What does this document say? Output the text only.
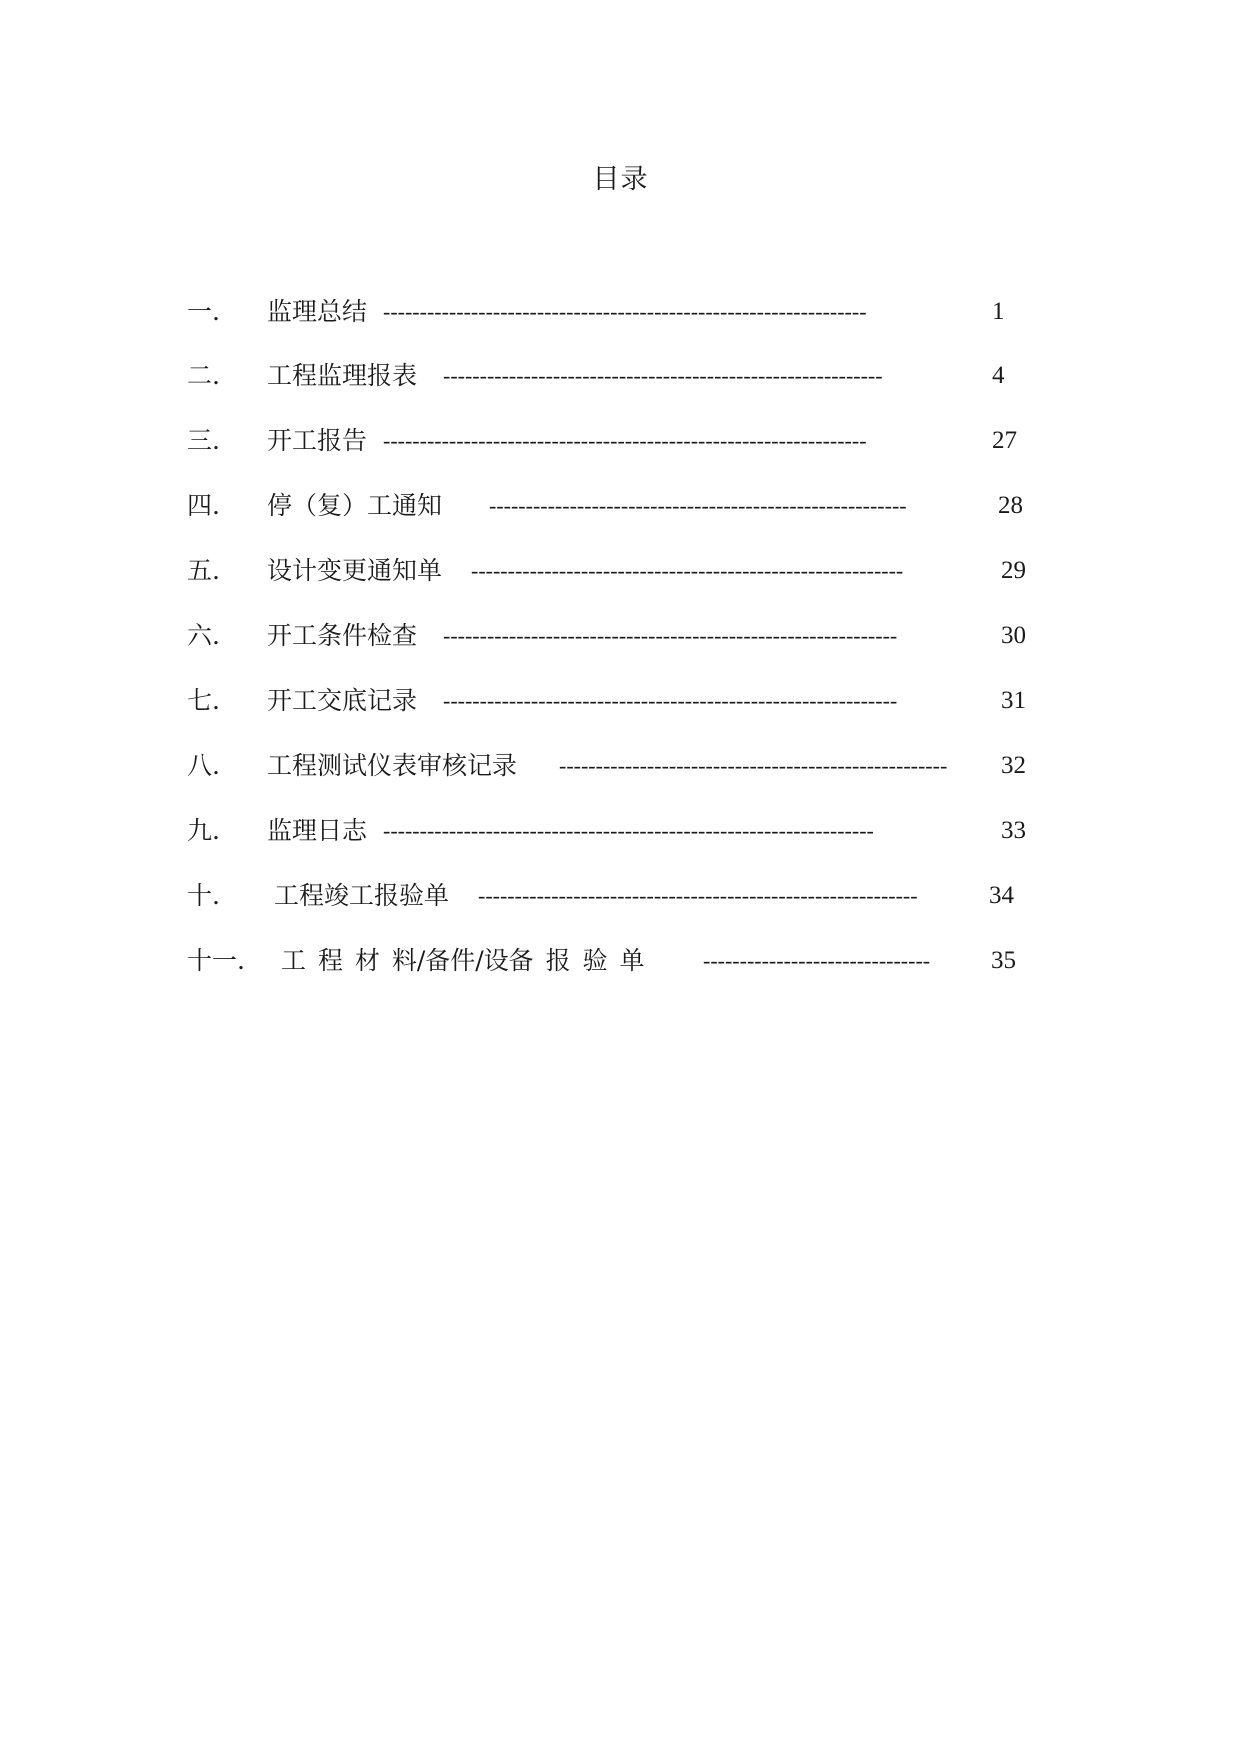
目录
一. 监理总结 ------------------------------------------------------------------	1
二. 工程监理报表 ------------------------------------------------------------	4
三. 开工报告 ------------------------------------------------------------------	27
四. 停（复）工通知 ---------------------------------------------------------	28
五. 设计变更通知单 -----------------------------------------------------------	29
六. 开工条件检查 --------------------------------------------------------------	30
七. 开工交底记录 --------------------------------------------------------------	31
八. 工程测试仪表审核记录 -----------------------------------------------------	32
九. 监理日志 -------------------------------------------------------------------	33
十. 工程竣工报验单 ------------------------------------------------------------	34
十一. 工 程 材 料/备件/设备 报 验 单	-------------------------------	35
